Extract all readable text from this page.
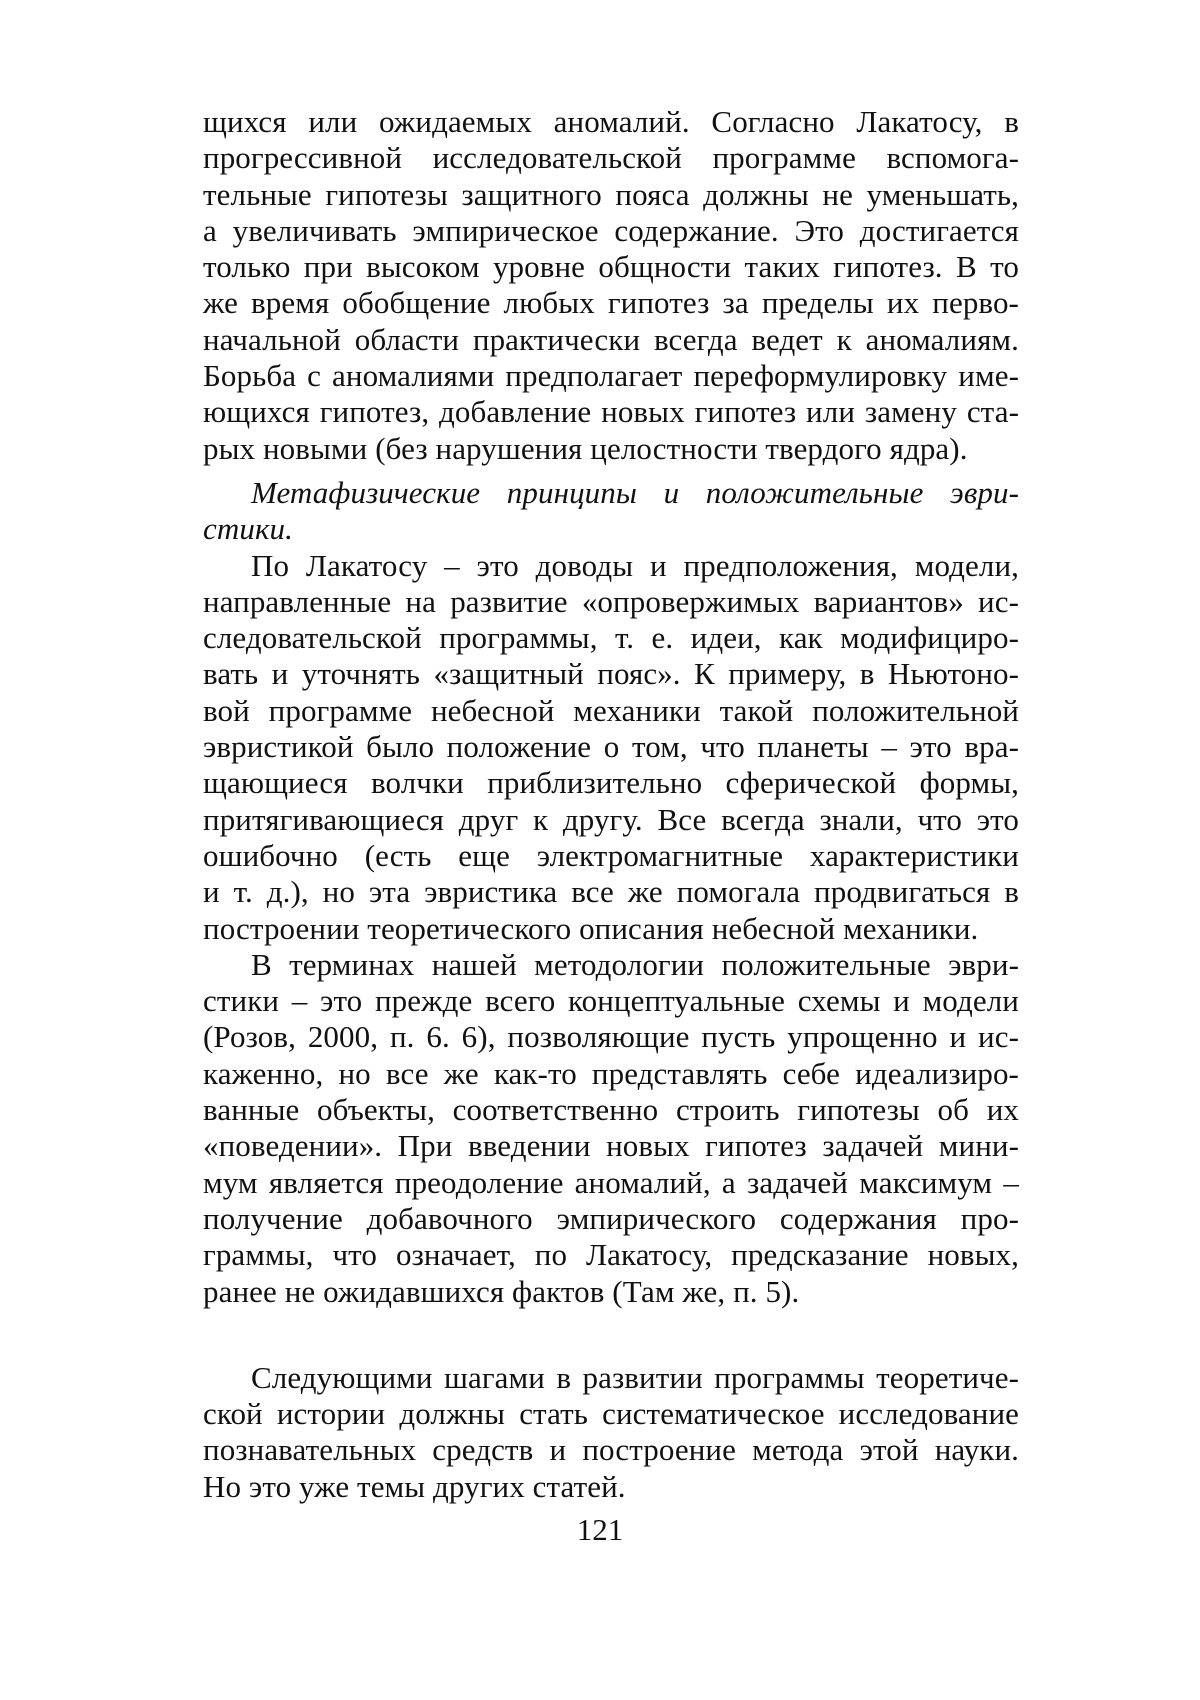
щихся или ожидаемых аномалий. Согласно Лакатосу, в
прогрессивной исследовательской программе вспомога-
тельные гипотезы защитного пояса должны не уменьшать,
а увеличивать эмпирическое содержание. Это достигается
только при высоком уровне общности таких гипотез. В то
же время обобщение любых гипотез за пределы их перво-
начальной области практически всегда ведет к аномалиям.
Борьба с аномалиями предполагает переформулировку име-
ющихся гипотез, добавление новых гипотез или замену ста-
рых новыми (без нарушения целостности твердого ядра).
Метафизические принципы и положительные эври-
стики.
По Лакатосу – это доводы и предположения, модели,
направленные на развитие «опровержимых вариантов» ис-
следовательской программы, т. е. идеи, как модифициро-
вать и уточнять «защитный пояс». К примеру, в Ньютоно-
вой программе небесной механики такой положительной
эвристикой было положение о том, что планеты – это вра-
щающиеся волчки приблизительно сферической формы,
притягивающиеся друг к другу. Все всегда знали, что это
ошибочно (есть еще электромагнитные характеристики
и т. д.), но эта эвристика все же помогала продвигаться в
построении теоретического описания небесной механики.
В терминах нашей методологии положительные эври-
стики – это прежде всего концептуальные схемы и модели
(Розов, 2000, п. 6. 6), позволяющие пусть упрощенно и ис-
каженно, но все же как-то представлять себе идеализиро-
ванные объекты, соответственно строить гипотезы об их
«поведении». При введении новых гипотез задачей мини-
мум является преодоление аномалий, а задачей максимум –
получение добавочного эмпирического содержания про-
граммы, что означает, по Лакатосу, предсказание новых,
ранее не ожидавшихся фактов (Там же, п. 5).
Следующими шагами в развитии программы теоретиче-
ской истории должны стать систематическое исследование
познавательных средств и построение метода этой науки.
Но это уже темы других статей.
121
